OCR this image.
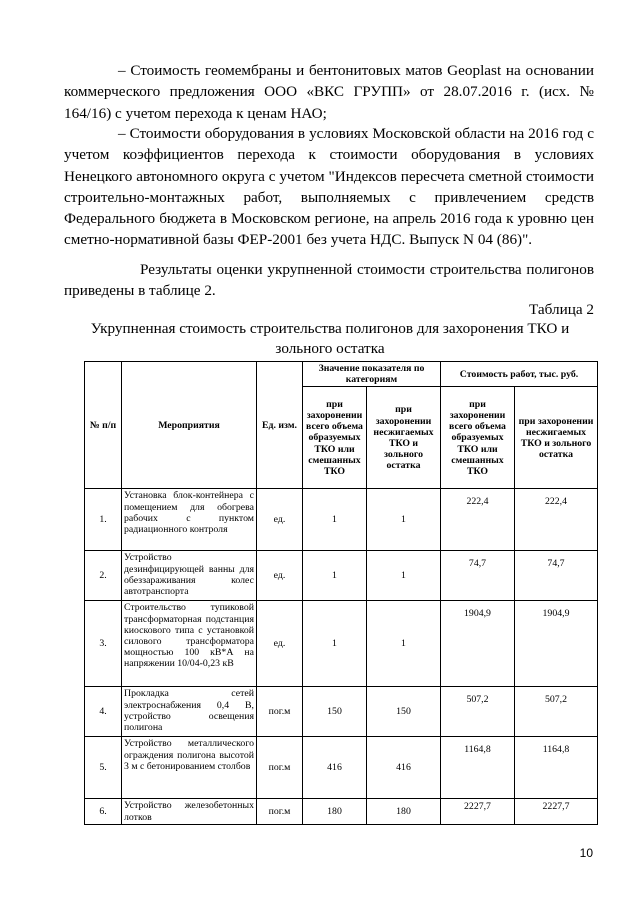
– Стоимость геомембраны и бентонитовых матов Geoplast на основании коммерческого предложения ООО «ВКС ГРУПП» от 28.07.2016 г. (исх. № 164/16) с учетом перехода к ценам НАО;

– Стоимости оборудования в условиях Московской области на 2016 год с учетом коэффициентов перехода к стоимости оборудования в условиях Ненецкого автономного округа с учетом "Индексов пересчета сметной стоимости строительно-монтажных работ, выполняемых с привлечением средств Федерального бюджета в Московском регионе, на апрель 2016 года к уровню цен сметно-нормативной базы ФЕР-2001 без учета НДС. Выпуск N 04 (86)".

Результаты оценки укрупненной стоимости строительства полигонов приведены в таблице 2.

Таблица 2
Укрупненная стоимость строительства полигонов для захоронения ТКО и зольного остатка
№ п/п	Мероприятия	Ед. изм.	Значение показателя по категориям		Стоимость работ, тыс. руб.	
			при захоронении всего объема образуемых ТКО или смешанных ТКО	при захоронении несжигаемых ТКО и зольного остатка	при захоронении всего объема образуемых ТКО или смешанных ТКО	при захоронении несжигаемых ТКО и зольного остатка
1.	Установка блок-контейнера с помещением для обогрева рабочих с пунктом радиационного контроля	ед.	1	1	222,4	222,4
2.	Устройство дезинфицирующей ванны для обеззараживания колес автотранспорта	ед.	1	1	74,7	74,7
3.	Строительство тупиковой трансформаторная подстанция киоскового типа с установкой силового трансформатора мощностью 100 кВ*А на напряжении 10/04-0,23 кВ	ед.	1	1	1904,9	1904,9
4.	Прокладка сетей электроснабжения 0,4 В, устройство освещения полигона	пог.м	150	150	507,2	507,2
5.	Устройство металлического ограждения полигона высотой 3 м с бетонированием столбов	пог.м	416	416	1164,8	1164,8
6.	Устройство железобетонных лотков	пог.м	180	180	2227,7	2227,7
10
